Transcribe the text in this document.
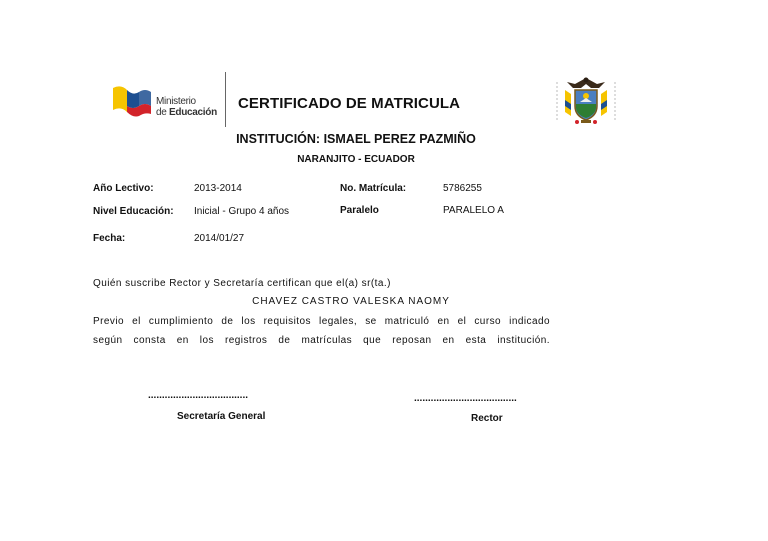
Ministerio
de Educación
CERTIFICADO DE MATRICULA
INSTITUCIÓN: ISMAEL PEREZ PAZMIÑO
NARANJITO - ECUADOR
Año Lectivo:	2013-2014	No. Matrícula:	5786255
Nivel Educación: Inicial - Grupo 4 años	Paralelo	PARALELO A
Fecha:	2014/01/27
Quién suscribe Rector y Secretaría certifican que el(a) sr(ta.)
CHAVEZ CASTRO VALESKA NAOMY
Previo el cumplimiento de los requisitos legales, se matriculó en el curso indicado
según consta en los registros de matrículas que reposan en esta institución.
....................................
Secretaría General
.....................................
Rector
